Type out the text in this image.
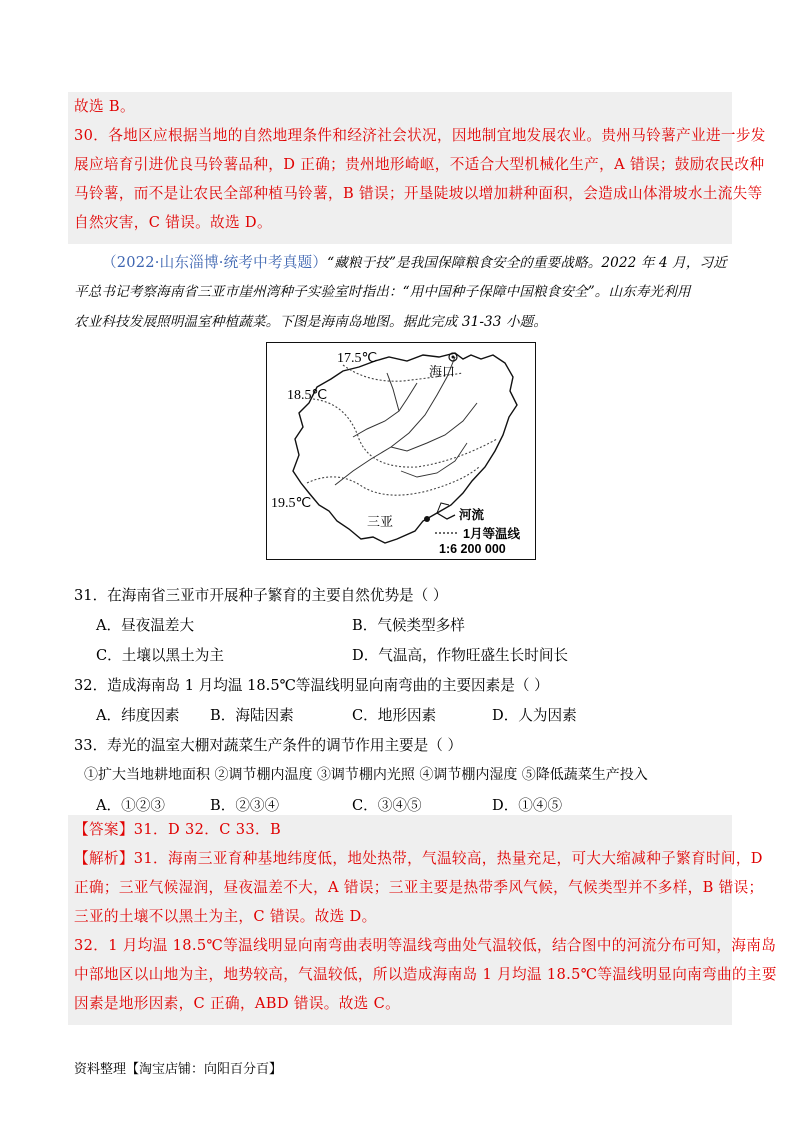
故选 B。
30．各地区应根据当地的自然地理条件和经济社会状况，因地制宜地发展农业。贵州马铃薯产业进一步发
展应培育引进优良马铃薯品种，D 正确；贵州地形崎岖，不适合大型机械化生产，A 错误；鼓励农民改种
马铃薯，而不是让农民全部种植马铃薯，B 错误；开垦陡坡以增加耕种面积，会造成山体滑坡水土流失等
自然灾害，C 错误。故选 D。
（2022·山东淄博·统考中考真题）“藏粮于技”是我国保障粮食安全的重要战略。2022 年 4 月，习近
平总书记考察海南省三亚市崖州湾种子实验室时指出：“用中国种子保障中国粮食安全”。山东寿光利用
农业科技发展照明温室种植蔬菜。下图是海南岛地图。据此完成 31-33 小题。
17.5℃
18.5℃
19.5℃
海口
三亚	河流
1月等温线
1:6 200 000
31．在海南省三亚市开展种子繁育的主要自然优势是（ ）
A．昼夜温差大	B．气候类型多样
C．土壤以黑土为主	D．气温高，作物旺盛生长时间长
32．造成海南岛 1 月均温 18.5℃等温线明显向南弯曲的主要因素是（ ）
A．纬度因素 B．海陆因素	C．地形因素	D．人为因素
33．寿光的温室大棚对蔬菜生产条件的调节作用主要是（ ）
①扩大当地耕地面积 ②调节棚内温度 ③调节棚内光照 ④调节棚内湿度 ⑤降低蔬菜生产投入
A．①②③	B．②③④	C．③④⑤	D．①④⑤
【答案】31．D 32．C 33．B
【解析】31．海南三亚育种基地纬度低，地处热带，气温较高，热量充足，可大大缩减种子繁育时间，D
正确；三亚气候湿润，昼夜温差不大，A 错误；三亚主要是热带季风气候，气候类型并不多样，B 错误；
三亚的土壤不以黑土为主，C 错误。故选 D。
32．1 月均温 18.5℃等温线明显向南弯曲表明等温线弯曲处气温较低，结合图中的河流分布可知，海南岛
中部地区以山地为主，地势较高，气温较低，所以造成海南岛 1 月均温 18.5℃等温线明显向南弯曲的主要
因素是地形因素，C 正确，ABD 错误。故选 C。
资料整理【淘宝店铺：向阳百分百】
